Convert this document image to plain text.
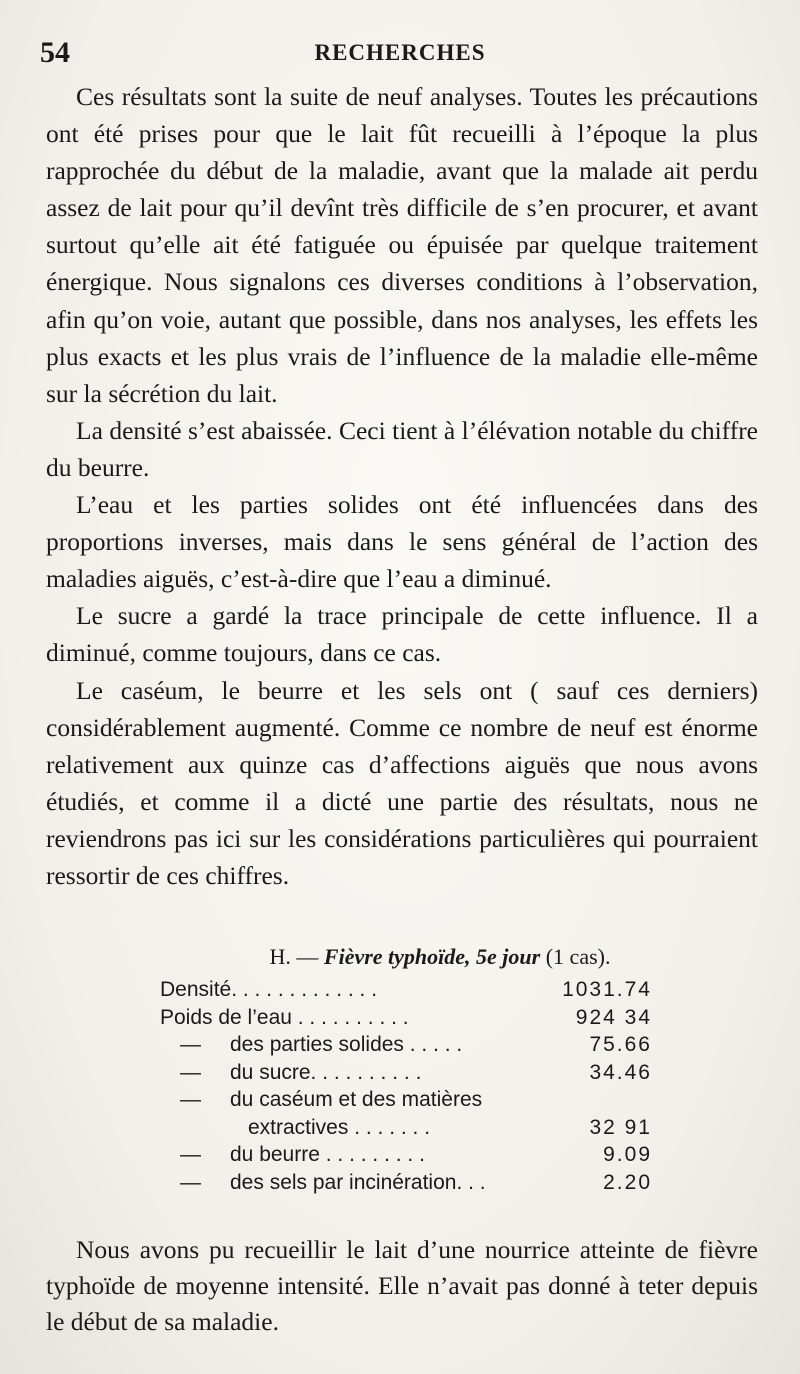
54	RECHERCHES

Ces résultats sont la suite de neuf analyses. Toutes les précautions ont été prises pour que le lait fût recueilli à l’époque la plus rapprochée du début de la maladie, avant que la malade ait perdu assez de lait pour qu’il devînt très difficile de s’en procurer, et avant surtout qu’elle ait été fatiguée ou épuisée par quelque traitement énergique. Nous signalons ces diverses conditions à l’observation, afin qu’on voie, autant que possible, dans nos analyses, les effets les plus exacts et les plus vrais de l’influence de la maladie elle-même sur la sécrétion du lait.

La densité s’est abaissée. Ceci tient à l’élévation notable du chiffre du beurre.

L’eau et les parties solides ont été influencées dans des proportions inverses, mais dans le sens général de l’action des maladies aiguës, c’est-à-dire que l’eau a diminué.

Le sucre a gardé la trace principale de cette influence. Il a diminué, comme toujours, dans ce cas.

Le caséum, le beurre et les sels ont ( sauf ces derniers) considérablement augmenté. Comme ce nombre de neuf est énorme relativement aux quinze cas d’affections aiguës que nous avons étudiés, et comme il a dicté une partie des résultats, nous ne reviendrons pas ici sur les considérations particulières qui pourraient ressortir de ces chiffres.

H. — Fièvre typhoïde, 5e jour (1 cas).
Densité. . . . . . . . . . . . .	1031.74
Poids de l’eau . . . . . . . . . .	924 34
— des parties solides . . . . .	75.66
— du sucre. . . . . . . . . .	34.46
— du caséum et des matières
extractives . . . . . . .	32 91
— du beurre . . . . . . . . .	9.09
— des sels par incinération. . .	2.20

Nous avons pu recueillir le lait d’une nourrice atteinte de fièvre typhoïde de moyenne intensité. Elle n’avait pas donné à teter depuis le début de sa maladie.
